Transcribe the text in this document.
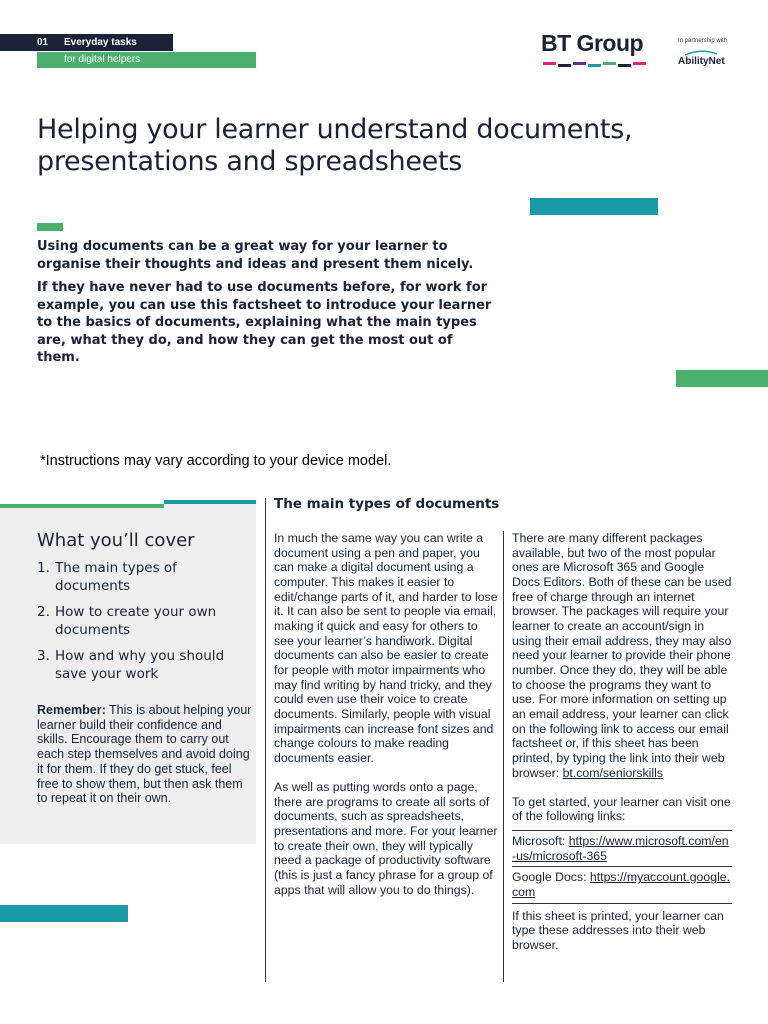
01 Everyday tasks
for digital helpers
BT Group	In partnership with
AbilityNet
Helping your learner understand documents,
presentations and spreadsheets

Using documents can be a great way for your learner to organise their thoughts and ideas and present them nicely.

If they have never had to use documents before, for work for example, you can use this factsheet to introduce your learner to the basics of documents, explaining what the main types are, what they do, and how they can get the most out of them.

*Instructions may vary according to your device model.
What you’ll cover
1. The main types of documents
2. How to create your own documents
3. How and why you should save your work

Remember: This is about helping your learner build their confidence and skills. Encourage them to carry out each step themselves and avoid doing it for them. If they do get stuck, feel free to show them, but then ask them to repeat it on their own.

The main types of documents

In much the same way you can write a document using a pen and paper, you can make a digital document using a computer. This makes it easier to edit/change parts of it, and harder to lose it. It can also be sent to people via email, making it quick and easy for others to see your learner’s handiwork. Digital documents can also be easier to create for people with motor impairments who may find writing by hand tricky, and they could even use their voice to create documents. Similarly, people with visual impairments can increase font sizes and change colours to make reading documents easier.

As well as putting words onto a page, there are programs to create all sorts of documents, such as spreadsheets, presentations and more. For your learner to create their own, they will typically need a package of productivity software (this is just a fancy phrase for a group of apps that will allow you to do things).

There are many different packages available, but two of the most popular ones are Microsoft 365 and Google Docs Editors. Both of these can be used free of charge through an internet browser. The packages will require your learner to create an account/sign in using their email address, they may also need your learner to provide their phone number. Once they do, they will be able to choose the programs they want to use. For more information on setting up an email address, your learner can click on the following link to access our email factsheet or, if this sheet has been printed, by typing the link into their web browser: bt.com/seniorskills

To get started, your learner can visit one of the following links:

Microsoft: https://www.microsoft.com/en-us/microsoft-365
Google Docs: https://myaccount.google.com

If this sheet is printed, your learner can type these addresses into their web browser.
